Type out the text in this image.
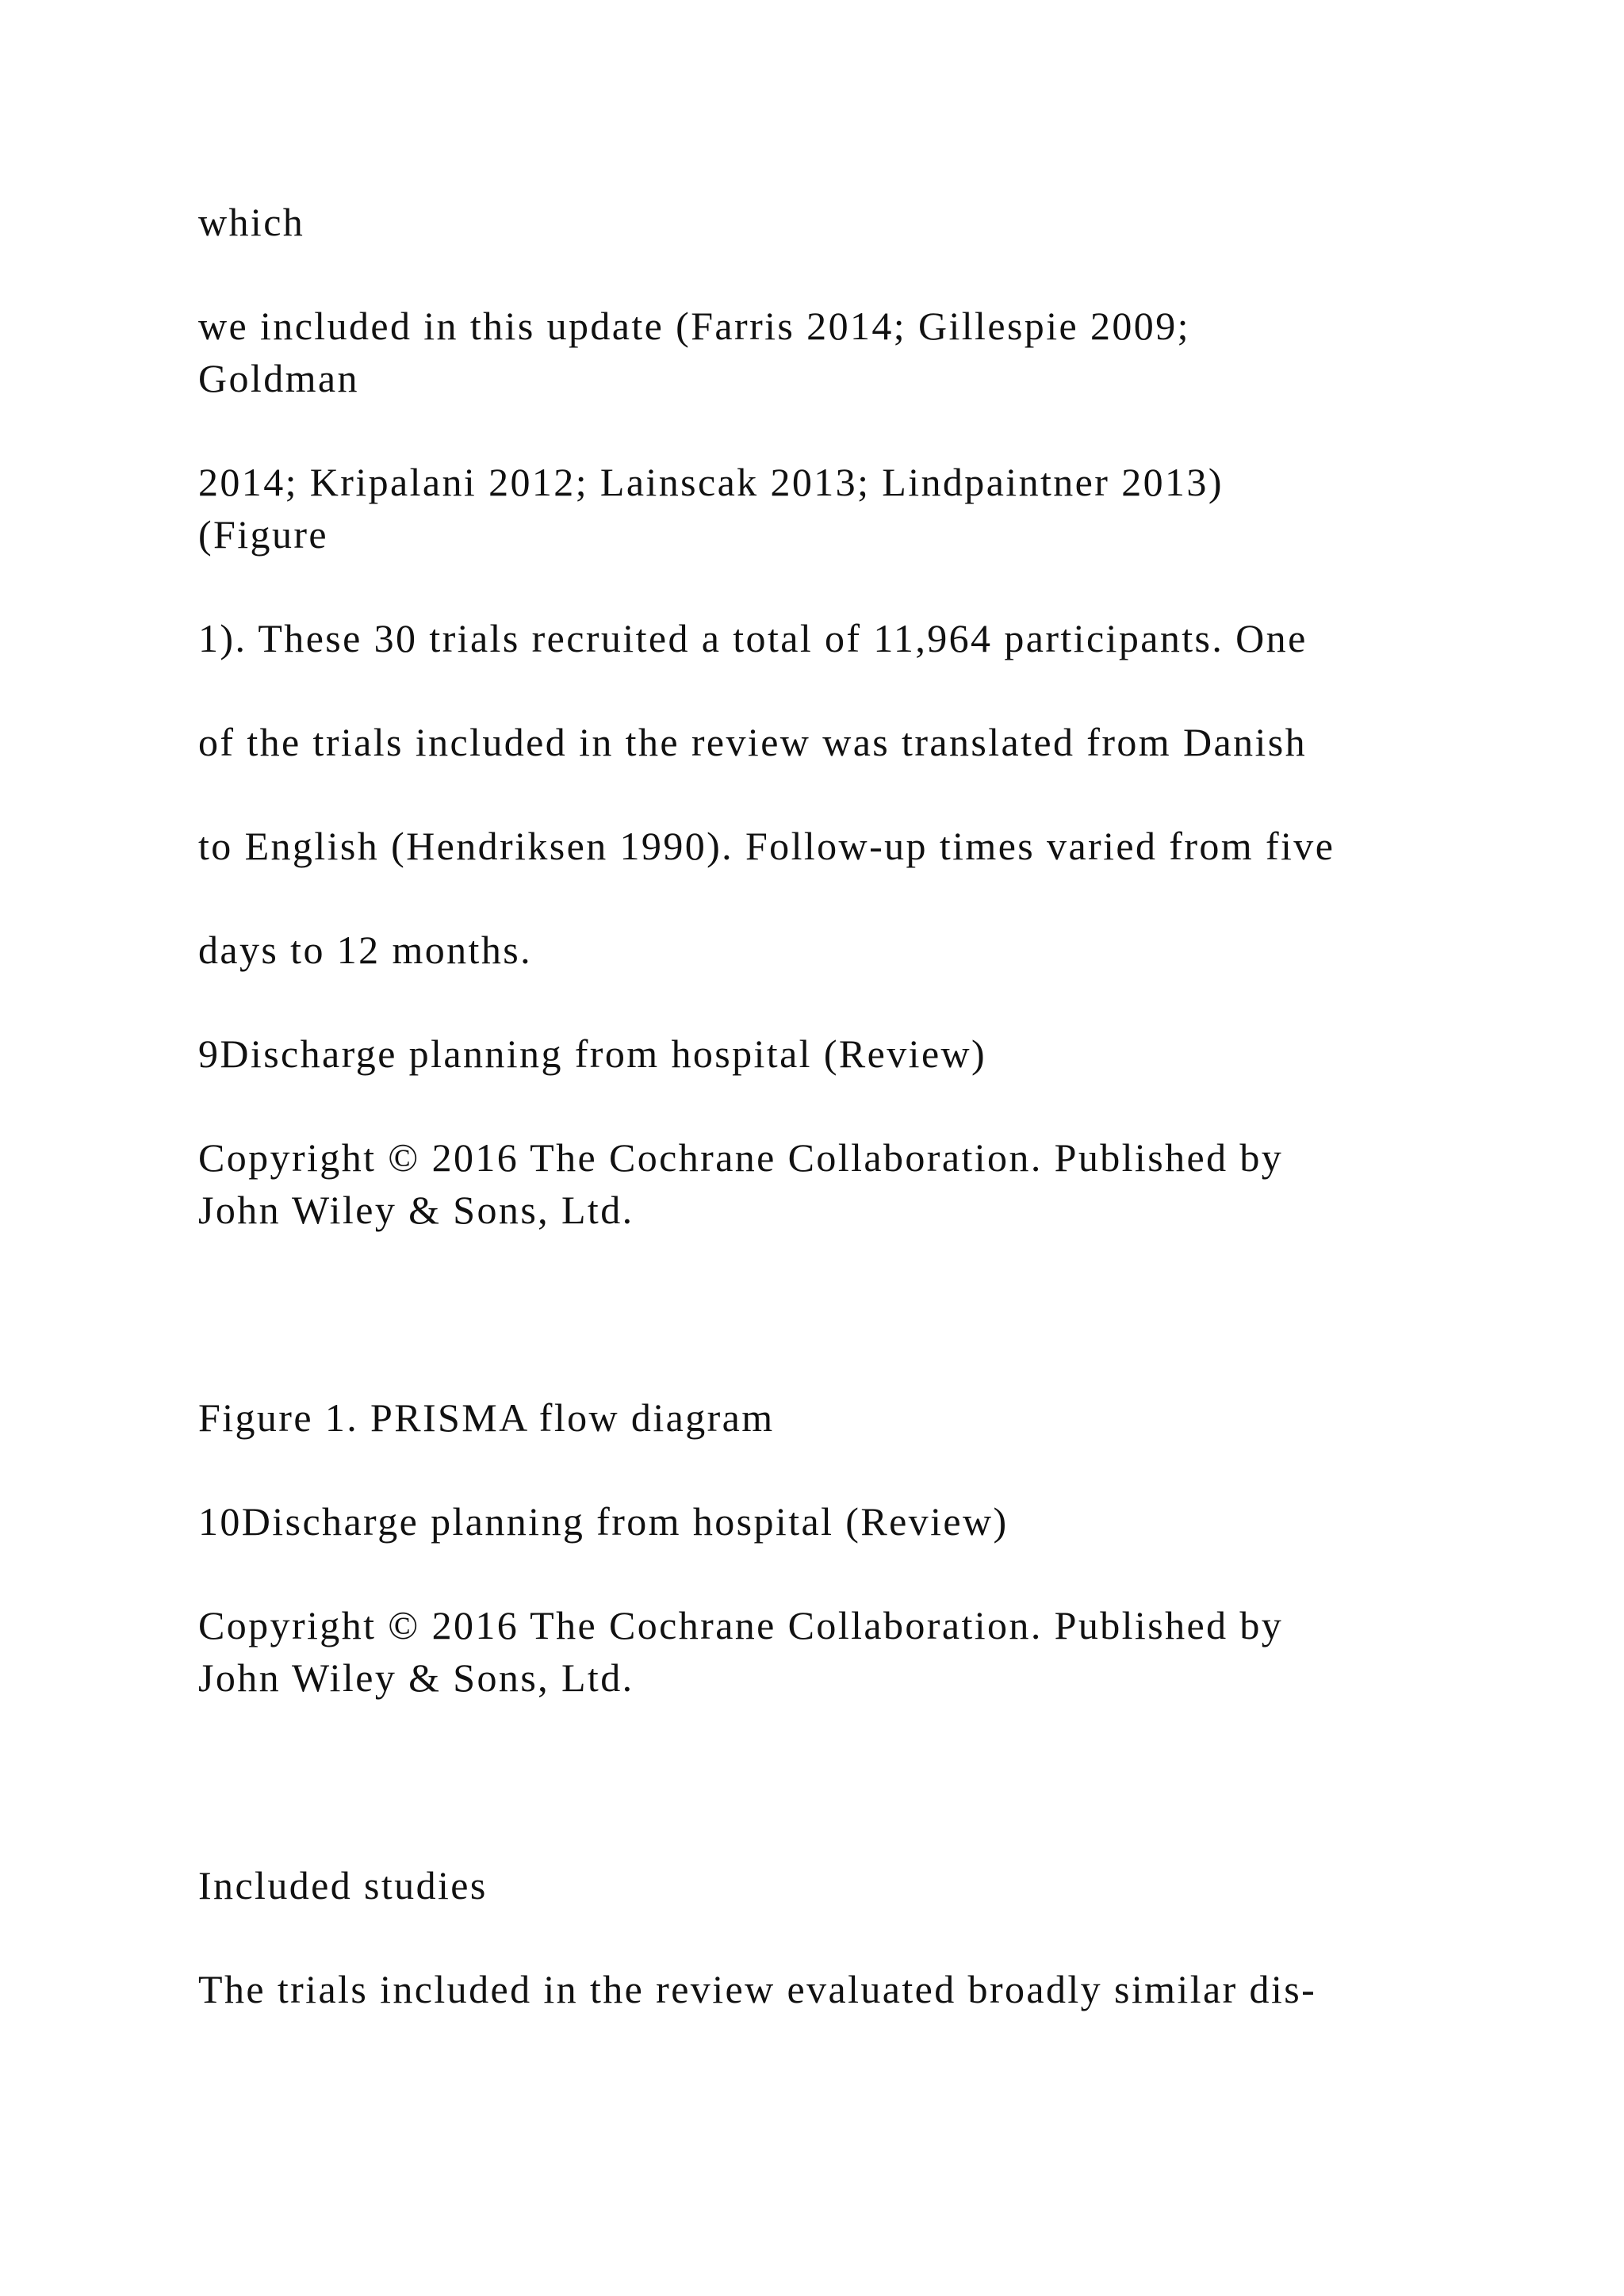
which

we included in this update (Farris 2014; Gillespie 2009;

Goldman

2014; Kripalani 2012; Lainscak 2013; Lindpaintner 2013)

(Figure

1). These 30 trials recruited a total of 11,964 participants. One

of the trials included in the review was translated from Danish

to English (Hendriksen 1990). Follow-up times varied from five

days to 12 months.

9Discharge planning from hospital (Review)

Copyright © 2016 The Cochrane Collaboration. Published by

John Wiley & Sons, Ltd.

Figure 1. PRISMA flow diagram

10Discharge planning from hospital (Review)

Copyright © 2016 The Cochrane Collaboration. Published by

John Wiley & Sons, Ltd.

Included studies

The trials included in the review evaluated broadly similar dis-
